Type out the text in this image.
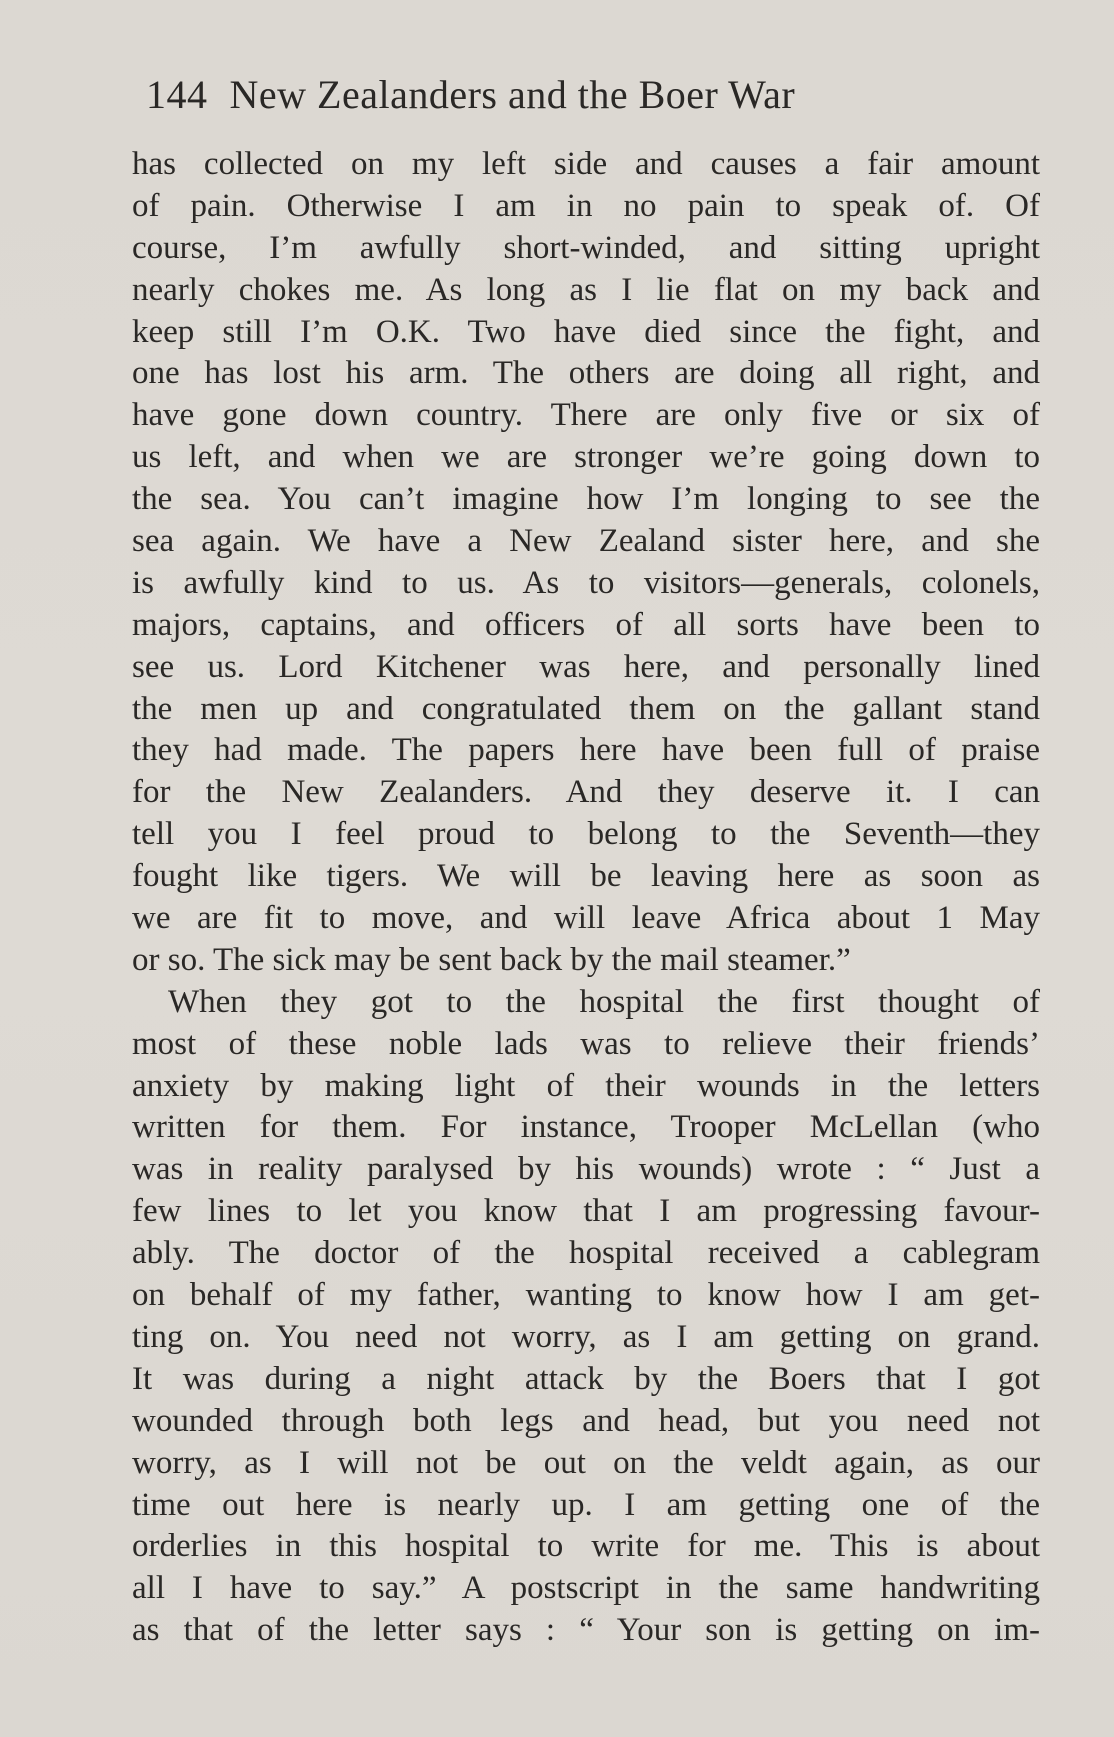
144 New Zealanders and the Boer War
has collected on my left side and causes a fair amount
of pain. Otherwise I am in no pain to speak of. Of
course, I’m awfully short-winded, and sitting upright
nearly chokes me. As long as I lie flat on my back and
keep still I’m O.K. Two have died since the fight, and
one has lost his arm. The others are doing all right, and
have gone down country. There are only five or six of
us left, and when we are stronger we’re going down to
the sea. You can’t imagine how I’m longing to see the
sea again. We have a New Zealand sister here, and she
is awfully kind to us. As to visitors—generals, colonels,
majors, captains, and officers of all sorts have been to
see us. Lord Kitchener was here, and personally lined
the men up and congratulated them on the gallant stand
they had made. The papers here have been full of praise
for the New Zealanders. And they deserve it. I can
tell you I feel proud to belong to the Seventh—they
fought like tigers. We will be leaving here as soon as
we are fit to move, and will leave Africa about 1 May
or so. The sick may be sent back by the mail steamer.”
When they got to the hospital the first thought of
most of these noble lads was to relieve their friends’
anxiety by making light of their wounds in the letters
written for them. For instance, Trooper McLellan (who
was in reality paralysed by his wounds) wrote : “ Just a
few lines to let you know that I am progressing favour-
ably. The doctor of the hospital received a cablegram
on behalf of my father, wanting to know how I am get-
ting on. You need not worry, as I am getting on grand.
It was during a night attack by the Boers that I got
wounded through both legs and head, but you need not
worry, as I will not be out on the veldt again, as our
time out here is nearly up. I am getting one of the
orderlies in this hospital to write for me. This is about
all I have to say.” A postscript in the same handwriting
as that of the letter says : “ Your son is getting on im-
